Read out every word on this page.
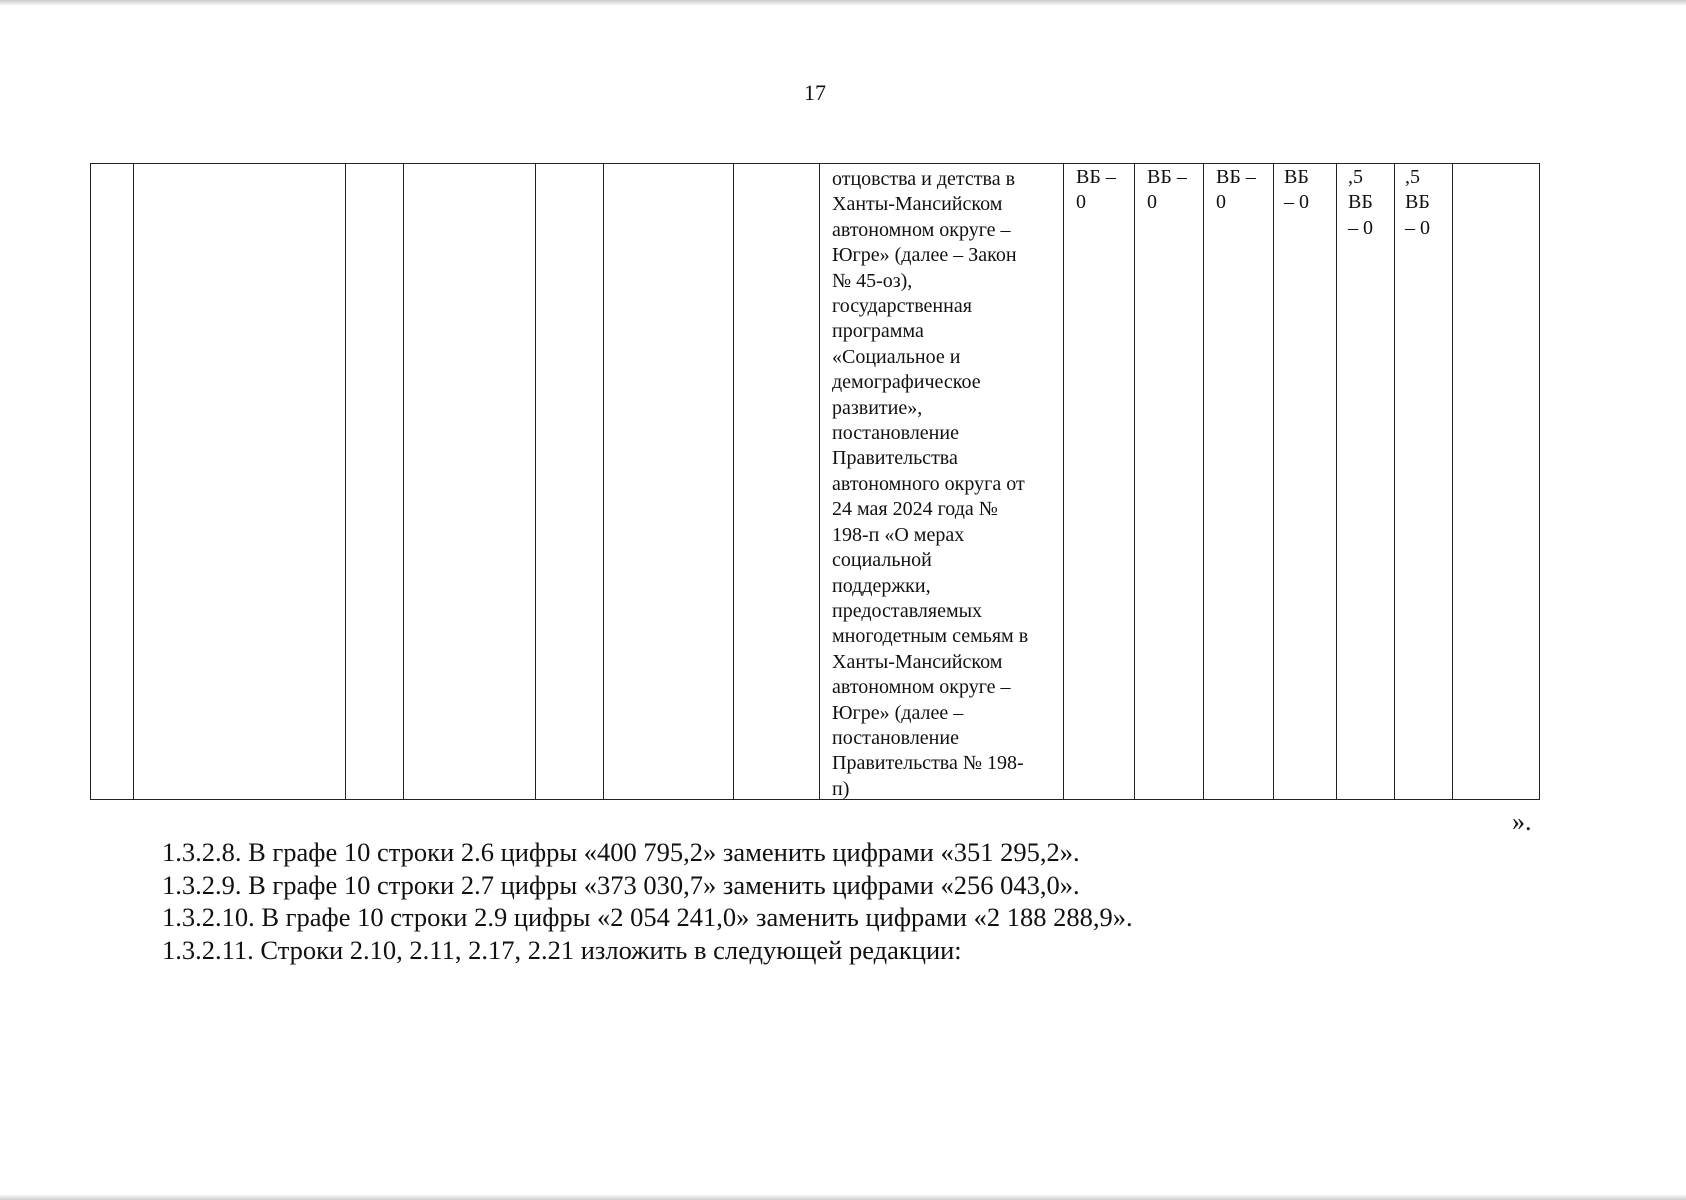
17
отцовства и детства в
Ханты-Мансийском
автономном округе –
Югре» (далее – Закон
№ 45-оз),
государственная
программа
«Социальное и
демографическое
развитие»,
постановление
Правительства
автономного округа от
24 мая 2024 года №
198-п «О мерах
социальной
поддержки,
предоставляемых
многодетным семьям в
Ханты-Мансийском
автономном округе –
Югре» (далее –
постановление
Правительства № 198-
п)
ВБ –
0
ВБ –
0
ВБ –
0
ВБ
– 0
,5
ВБ
– 0
,5
ВБ
– 0
».
1.3.2.8. В графе 10 строки 2.6 цифры «400 795,2» заменить цифрами «351 295,2».
1.3.2.9. В графе 10 строки 2.7 цифры «373 030,7» заменить цифрами «256 043,0».
1.3.2.10. В графе 10 строки 2.9 цифры «2 054 241,0» заменить цифрами «2 188 288,9».
1.3.2.11. Строки 2.10, 2.11, 2.17, 2.21 изложить в следующей редакции:
